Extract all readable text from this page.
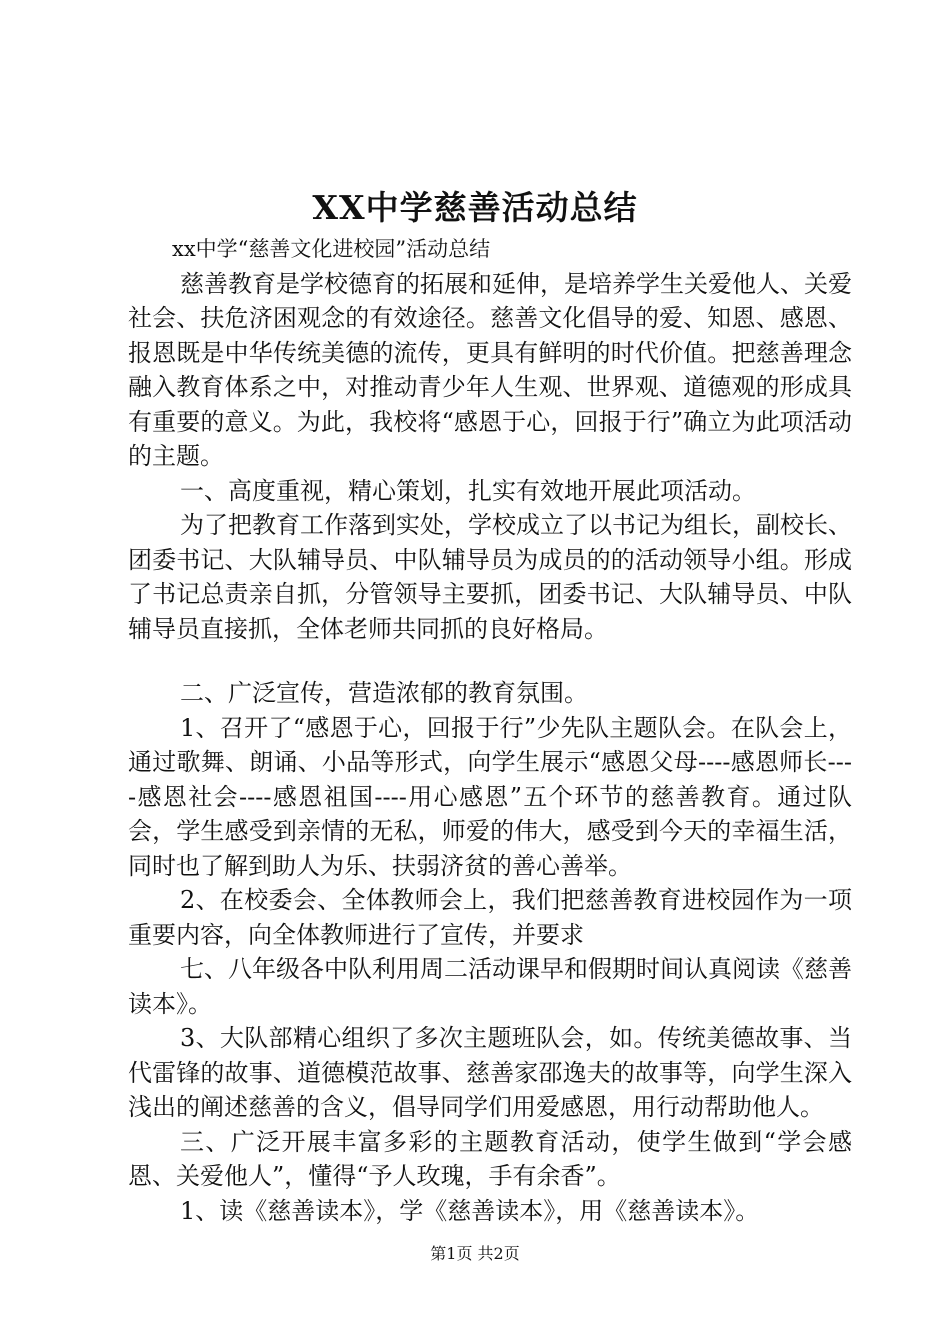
XX中学慈善活动总结

xx中学“慈善文化进校园”活动总结

慈善教育是学校德育的拓展和延伸，是培养学生关爱他人、关爱社会、扶危济困观念的有效途径。慈善文化倡导的爱、知恩、感恩、报恩既是中华传统美德的流传，更具有鲜明的时代价值。把慈善理念融入教育体系之中，对推动青少年人生观、世界观、道德观的形成具有重要的意义。为此，我校将“感恩于心，回报于行”确立为此项活动的主题。

一、高度重视，精心策划，扎实有效地开展此项活动。

为了把教育工作落到实处，学校成立了以书记为组长，副校长、团委书记、大队辅导员、中队辅导员为成员的的活动领导小组。形成了书记总责亲自抓，分管领导主要抓，团委书记、大队辅导员、中队辅导员直接抓，全体老师共同抓的良好格局。

二、广泛宣传，营造浓郁的教育氛围。

1、召开了“感恩于心，回报于行”少先队主题队会。在队会上，通过歌舞、朗诵、小品等形式，向学生展示“感恩父母----感恩师长----感恩社会----感恩祖国----用心感恩”五个环节的慈善教育。通过队会，学生感受到亲情的无私，师爱的伟大，感受到今天的幸福生活，同时也了解到助人为乐、扶弱济贫的善心善举。

2、在校委会、全体教师会上，我们把慈善教育进校园作为一项重要内容，向全体教师进行了宣传，并要求

七、八年级各中队利用周二活动课早和假期时间认真阅读《慈善读本》。

3、大队部精心组织了多次主题班队会，如。传统美德故事、当代雷锋的故事、道德模范故事、慈善家邵逸夫的故事等，向学生深入浅出的阐述慈善的含义，倡导同学们用爱感恩，用行动帮助他人。

三、广泛开展丰富多彩的主题教育活动，使学生做到“学会感恩、关爱他人”，懂得“予人玫瑰，手有余香”。

1、读《慈善读本》，学《慈善读本》，用《慈善读本》。

第1页 共2页
